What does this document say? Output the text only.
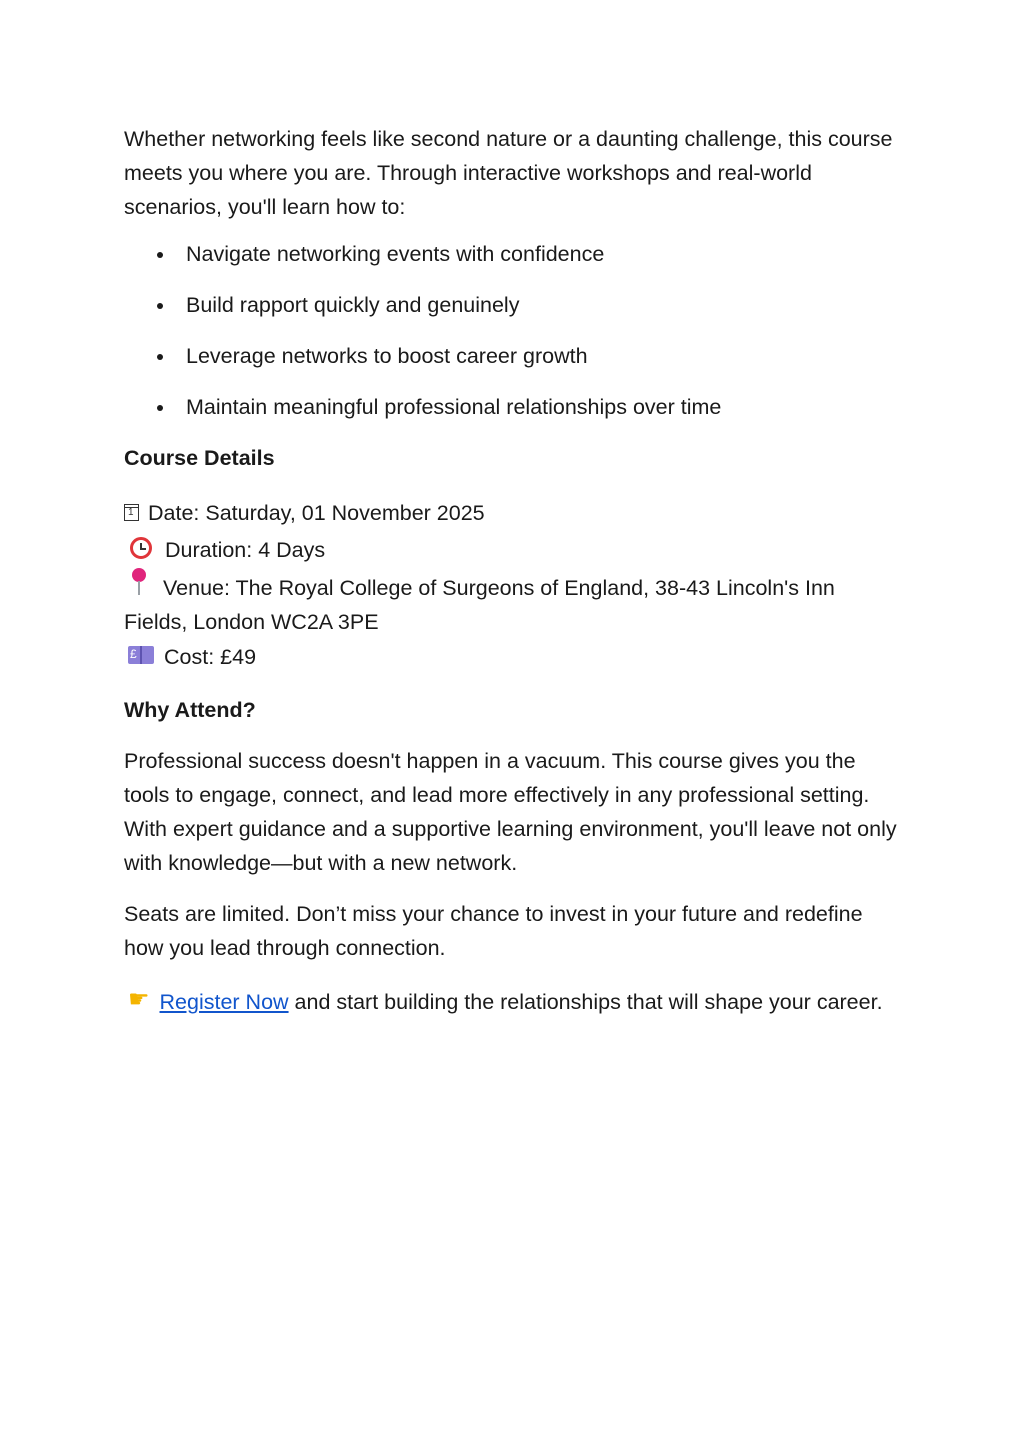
Whether networking feels like second nature or a daunting challenge, this course meets you where you are. Through interactive workshops and real-world scenarios, you'll learn how to:

Navigate networking events with confidence
Build rapport quickly and genuinely
Leverage networks to boost career growth
Maintain meaningful professional relationships over time

Course Details

1Date: Saturday, 01 November 2025
Duration: 4 Days
Venue: The Royal College of Surgeons of England, 38-43 Lincoln's Inn Fields, London WC2A 3PE
£Cost: £49

Why Attend?

Professional success doesn't happen in a vacuum. This course gives you the tools to engage, connect, and lead more effectively in any professional setting. With expert guidance and a supportive learning environment, you'll leave not only with knowledge—but with a new network.

Seats are limited. Don’t miss your chance to invest in your future and redefine how you lead through connection.

☛ Register Now and start building the relationships that will shape your career.
